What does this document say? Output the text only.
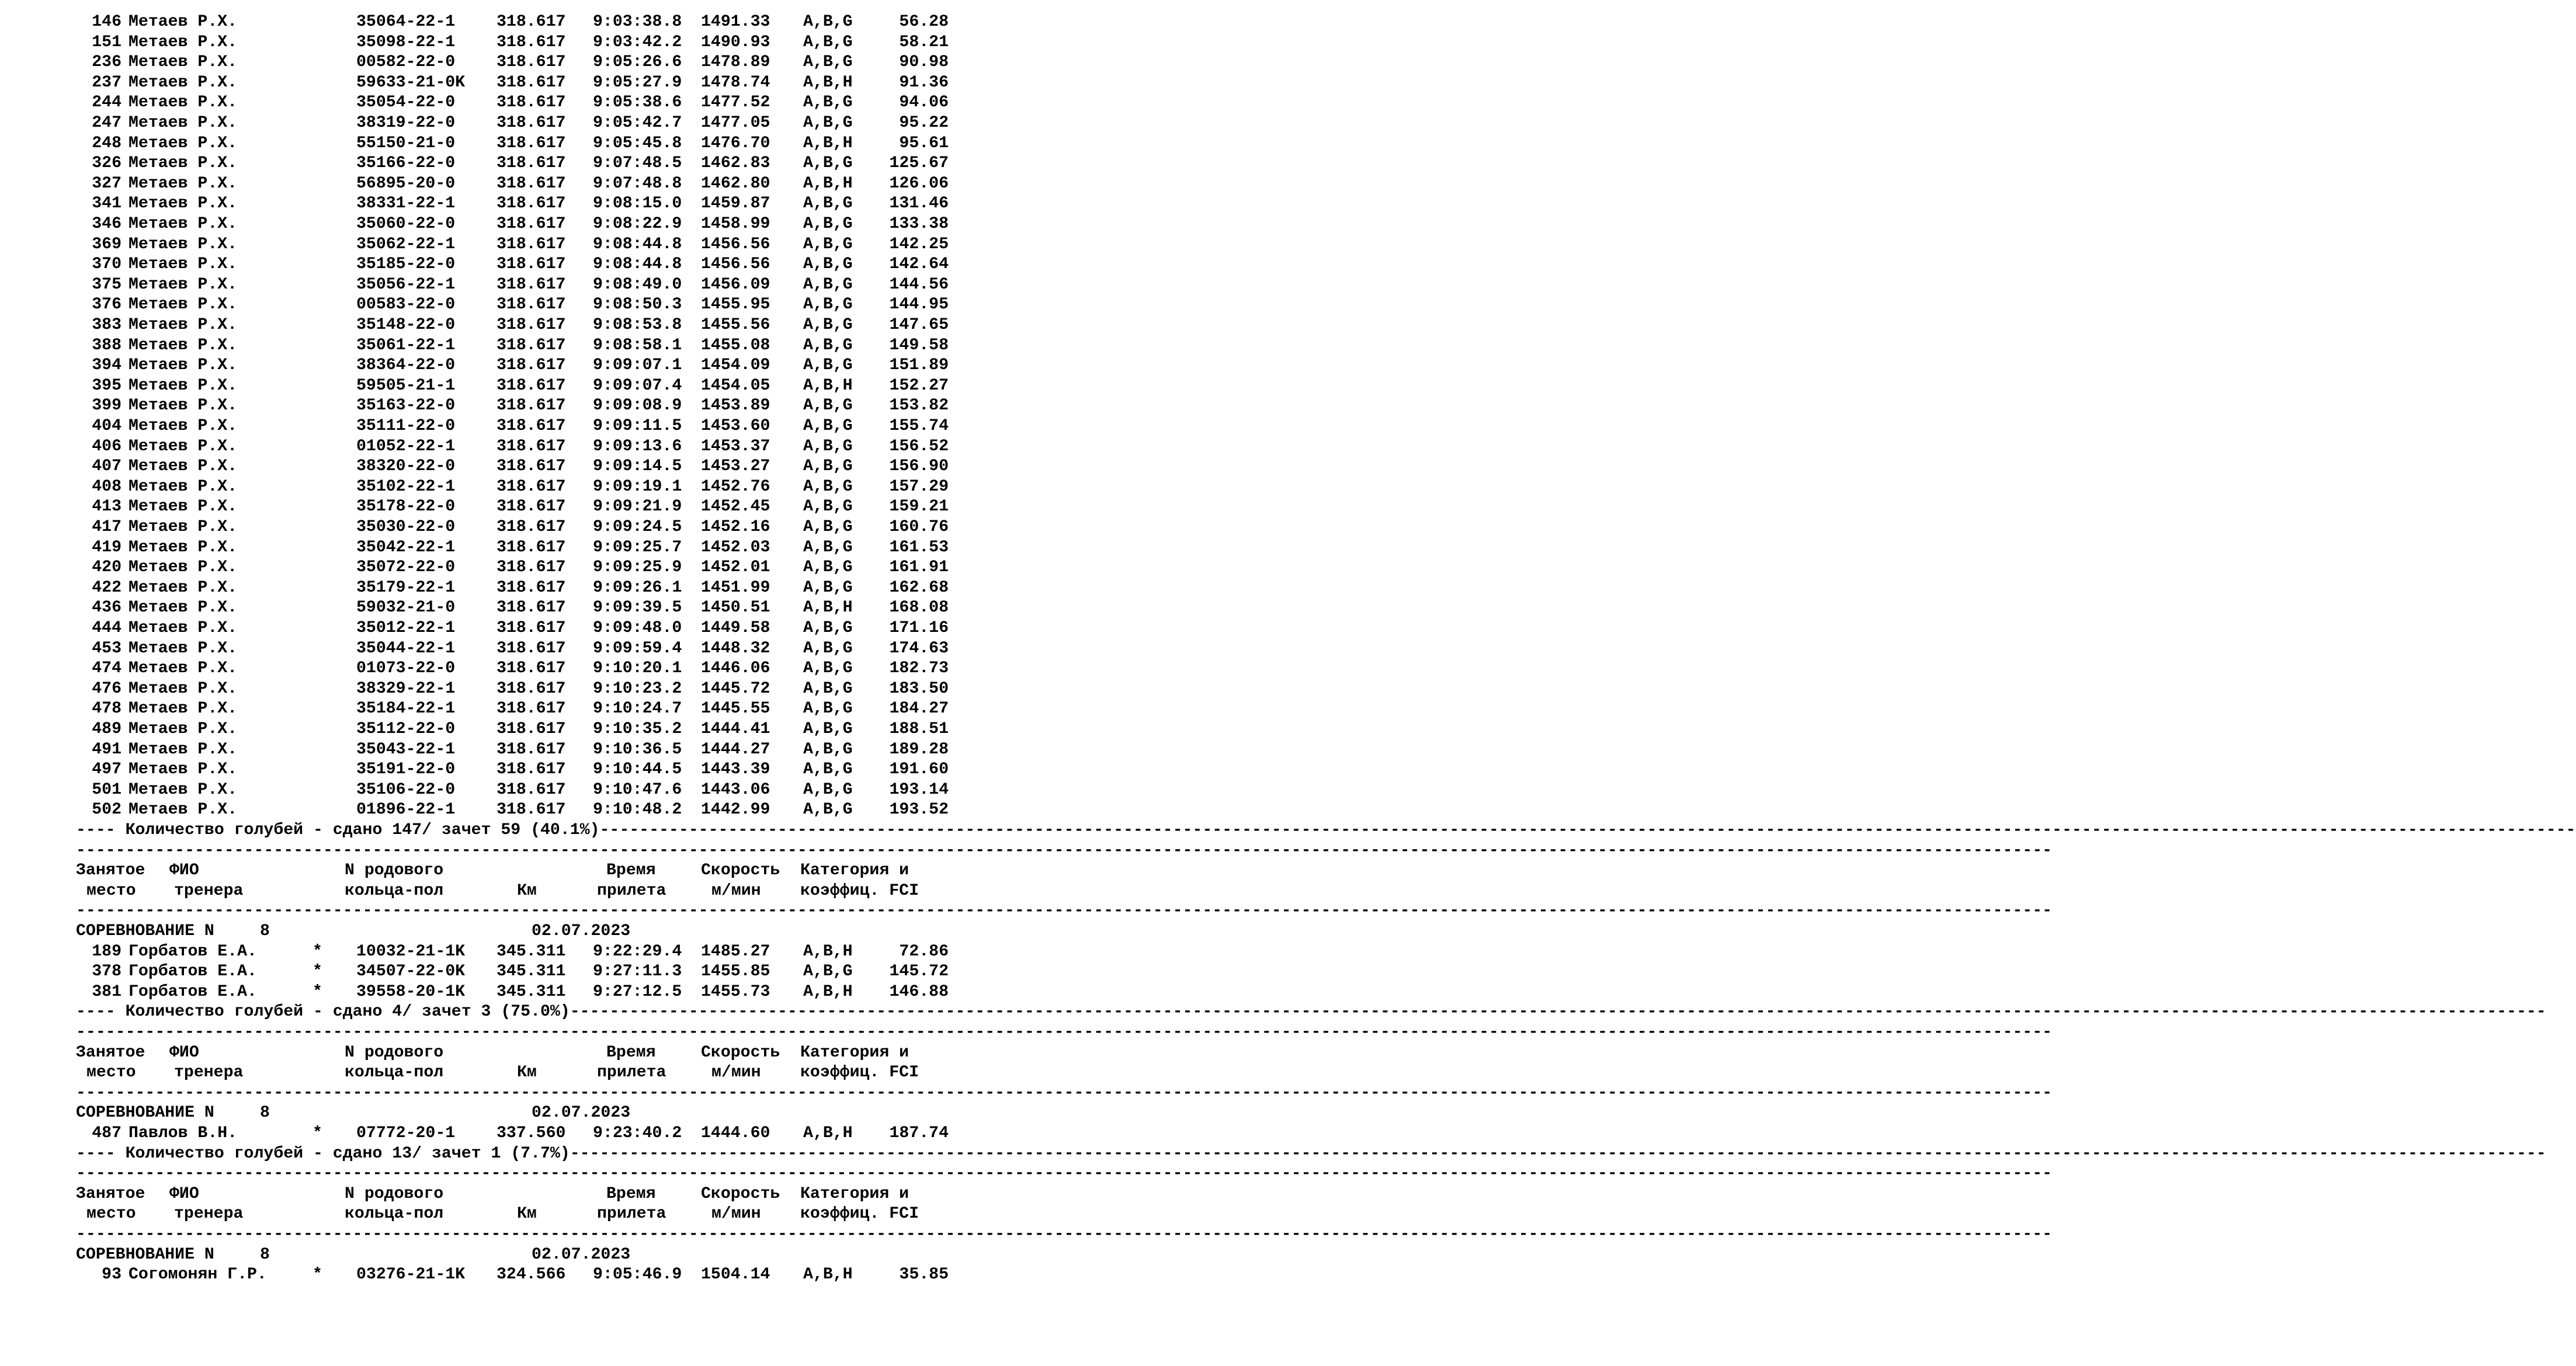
146 Метаев Р.Х.	35064-22-1	318.617 9:03:38.8 1491.33 A,B,G	56.28
151 Метаев Р.Х.	35098-22-1	318.617 9:03:42.2 1490.93 A,B,G	58.21
236 Метаев Р.Х.	00582-22-0	318.617 9:05:26.6 1478.89 A,B,G	90.98
237 Метаев Р.Х.	59633-21-0K 318.617 9:05:27.9 1478.74 A,B,H	91.36
244 Метаев Р.Х.	35054-22-0	318.617 9:05:38.6 1477.52 A,B,G	94.06
247 Метаев Р.Х.	38319-22-0	318.617 9:05:42.7 1477.05 A,B,G	95.22
248 Метаев Р.Х.	55150-21-0	318.617 9:05:45.8 1476.70 A,B,H	95.61
326 Метаев Р.Х.	35166-22-0	318.617 9:07:48.5 1462.83 A,B,G 125.67
327 Метаев Р.Х.	56895-20-0	318.617 9:07:48.8 1462.80 A,B,H 126.06
341 Метаев Р.Х.	38331-22-1	318.617 9:08:15.0 1459.87 A,B,G 131.46
346 Метаев Р.Х.	35060-22-0	318.617 9:08:22.9 1458.99 A,B,G 133.38
369 Метаев Р.Х.	35062-22-1	318.617 9:08:44.8 1456.56 A,B,G 142.25
370 Метаев Р.Х.	35185-22-0	318.617 9:08:44.8 1456.56 A,B,G 142.64
375 Метаев Р.Х.	35056-22-1	318.617 9:08:49.0 1456.09 A,B,G 144.56
376 Метаев Р.Х.	00583-22-0	318.617 9:08:50.3 1455.95 A,B,G 144.95
383 Метаев Р.Х.	35148-22-0	318.617 9:08:53.8 1455.56 A,B,G 147.65
388 Метаев Р.Х.	35061-22-1	318.617 9:08:58.1 1455.08 A,B,G 149.58
394 Метаев Р.Х.	38364-22-0	318.617 9:09:07.1 1454.09 A,B,G 151.89
395 Метаев Р.Х.	59505-21-1	318.617 9:09:07.4 1454.05 A,B,H 152.27
399 Метаев Р.Х.	35163-22-0	318.617 9:09:08.9 1453.89 A,B,G 153.82
404 Метаев Р.Х.	35111-22-0	318.617 9:09:11.5 1453.60 A,B,G 155.74
406 Метаев Р.Х.	01052-22-1	318.617 9:09:13.6 1453.37 A,B,G 156.52
407 Метаев Р.Х.	38320-22-0	318.617 9:09:14.5 1453.27 A,B,G 156.90
408 Метаев Р.Х.	35102-22-1	318.617 9:09:19.1 1452.76 A,B,G 157.29
413 Метаев Р.Х.	35178-22-0	318.617 9:09:21.9 1452.45 A,B,G 159.21
417 Метаев Р.Х.	35030-22-0	318.617 9:09:24.5 1452.16 A,B,G 160.76
419 Метаев Р.Х.	35042-22-1	318.617 9:09:25.7 1452.03 A,B,G 161.53
420 Метаев Р.Х.	35072-22-0	318.617 9:09:25.9 1452.01 A,B,G 161.91
422 Метаев Р.Х.	35179-22-1	318.617 9:09:26.1 1451.99 A,B,G 162.68
436 Метаев Р.Х.	59032-21-0	318.617 9:09:39.5 1450.51 A,B,H 168.08
444 Метаев Р.Х.	35012-22-1	318.617 9:09:48.0 1449.58 A,B,G 171.16
453 Метаев Р.Х.	35044-22-1	318.617 9:09:59.4 1448.32 A,B,G 174.63
474 Метаев Р.Х.	01073-22-0	318.617 9:10:20.1 1446.06 A,B,G 182.73
476 Метаев Р.Х.	38329-22-1	318.617 9:10:23.2 1445.72 A,B,G 183.50
478 Метаев Р.Х.	35184-22-1	318.617 9:10:24.7 1445.55 A,B,G 184.27
489 Метаев Р.Х.	35112-22-0	318.617 9:10:35.2 1444.41 A,B,G 188.51
491 Метаев Р.Х.	35043-22-1	318.617 9:10:36.5 1444.27 A,B,G 189.28
497 Метаев Р.Х.	35191-22-0	318.617 9:10:44.5 1443.39 A,B,G 191.60
501 Метаев Р.Х.	35106-22-0	318.617 9:10:47.6 1443.06 A,B,G 193.14
502 Метаев Р.Х.	01896-22-1	318.617 9:10:48.2 1442.99 A,B,G 193.52
---- Количество голубей - сдано 147/ зачет 59 (40.1%)--------------------------------------------------------------------------------------------------------------------------------------------------------------------------------------------------------
--------------------------------------------------------------------------------------------------------------------------------------------------------------------------------------------------------
Занятое ФИО	N родового	Время	Скорость Категория и
место тренера	кольца-пол	Км	прилета	м/мин коэффиц. FCI
--------------------------------------------------------------------------------------------------------------------------------------------------------------------------------------------------------
СОРЕВНОВАНИЕ N	8	02.07.2023
189 Горбатов Е.А.	* 10032-21-1K 345.311 9:22:29.4 1485.27 A,B,H	72.86
378 Горбатов Е.А.	* 34507-22-0K 345.311 9:27:11.3 1455.85 A,B,G 145.72
381 Горбатов Е.А.	* 39558-20-1K 345.311 9:27:12.5 1455.73 A,B,H 146.88
---- Количество голубей - сдано 4/ зачет 3 (75.0%)--------------------------------------------------------------------------------------------------------------------------------------------------------------------------------------------------------
--------------------------------------------------------------------------------------------------------------------------------------------------------------------------------------------------------
Занятое ФИО	N родового	Время	Скорость Категория и
место тренера	кольца-пол	Км	прилета	м/мин коэффиц. FCI
--------------------------------------------------------------------------------------------------------------------------------------------------------------------------------------------------------
СОРЕВНОВАНИЕ N	8	02.07.2023
487 Павлов В.Н.	* 07772-20-1	337.560 9:23:40.2 1444.60 A,B,H 187.74
---- Количество голубей - сдано 13/ зачет 1 (7.7%)--------------------------------------------------------------------------------------------------------------------------------------------------------------------------------------------------------
--------------------------------------------------------------------------------------------------------------------------------------------------------------------------------------------------------
Занятое ФИО	N родового	Время	Скорость Категория и
место тренера	кольца-пол	Км	прилета	м/мин коэффиц. FCI
--------------------------------------------------------------------------------------------------------------------------------------------------------------------------------------------------------
СОРЕВНОВАНИЕ N	8	02.07.2023
93 Согомонян Г.Р.	* 03276-21-1K 324.566 9:05:46.9 1504.14 A,B,H	35.85
